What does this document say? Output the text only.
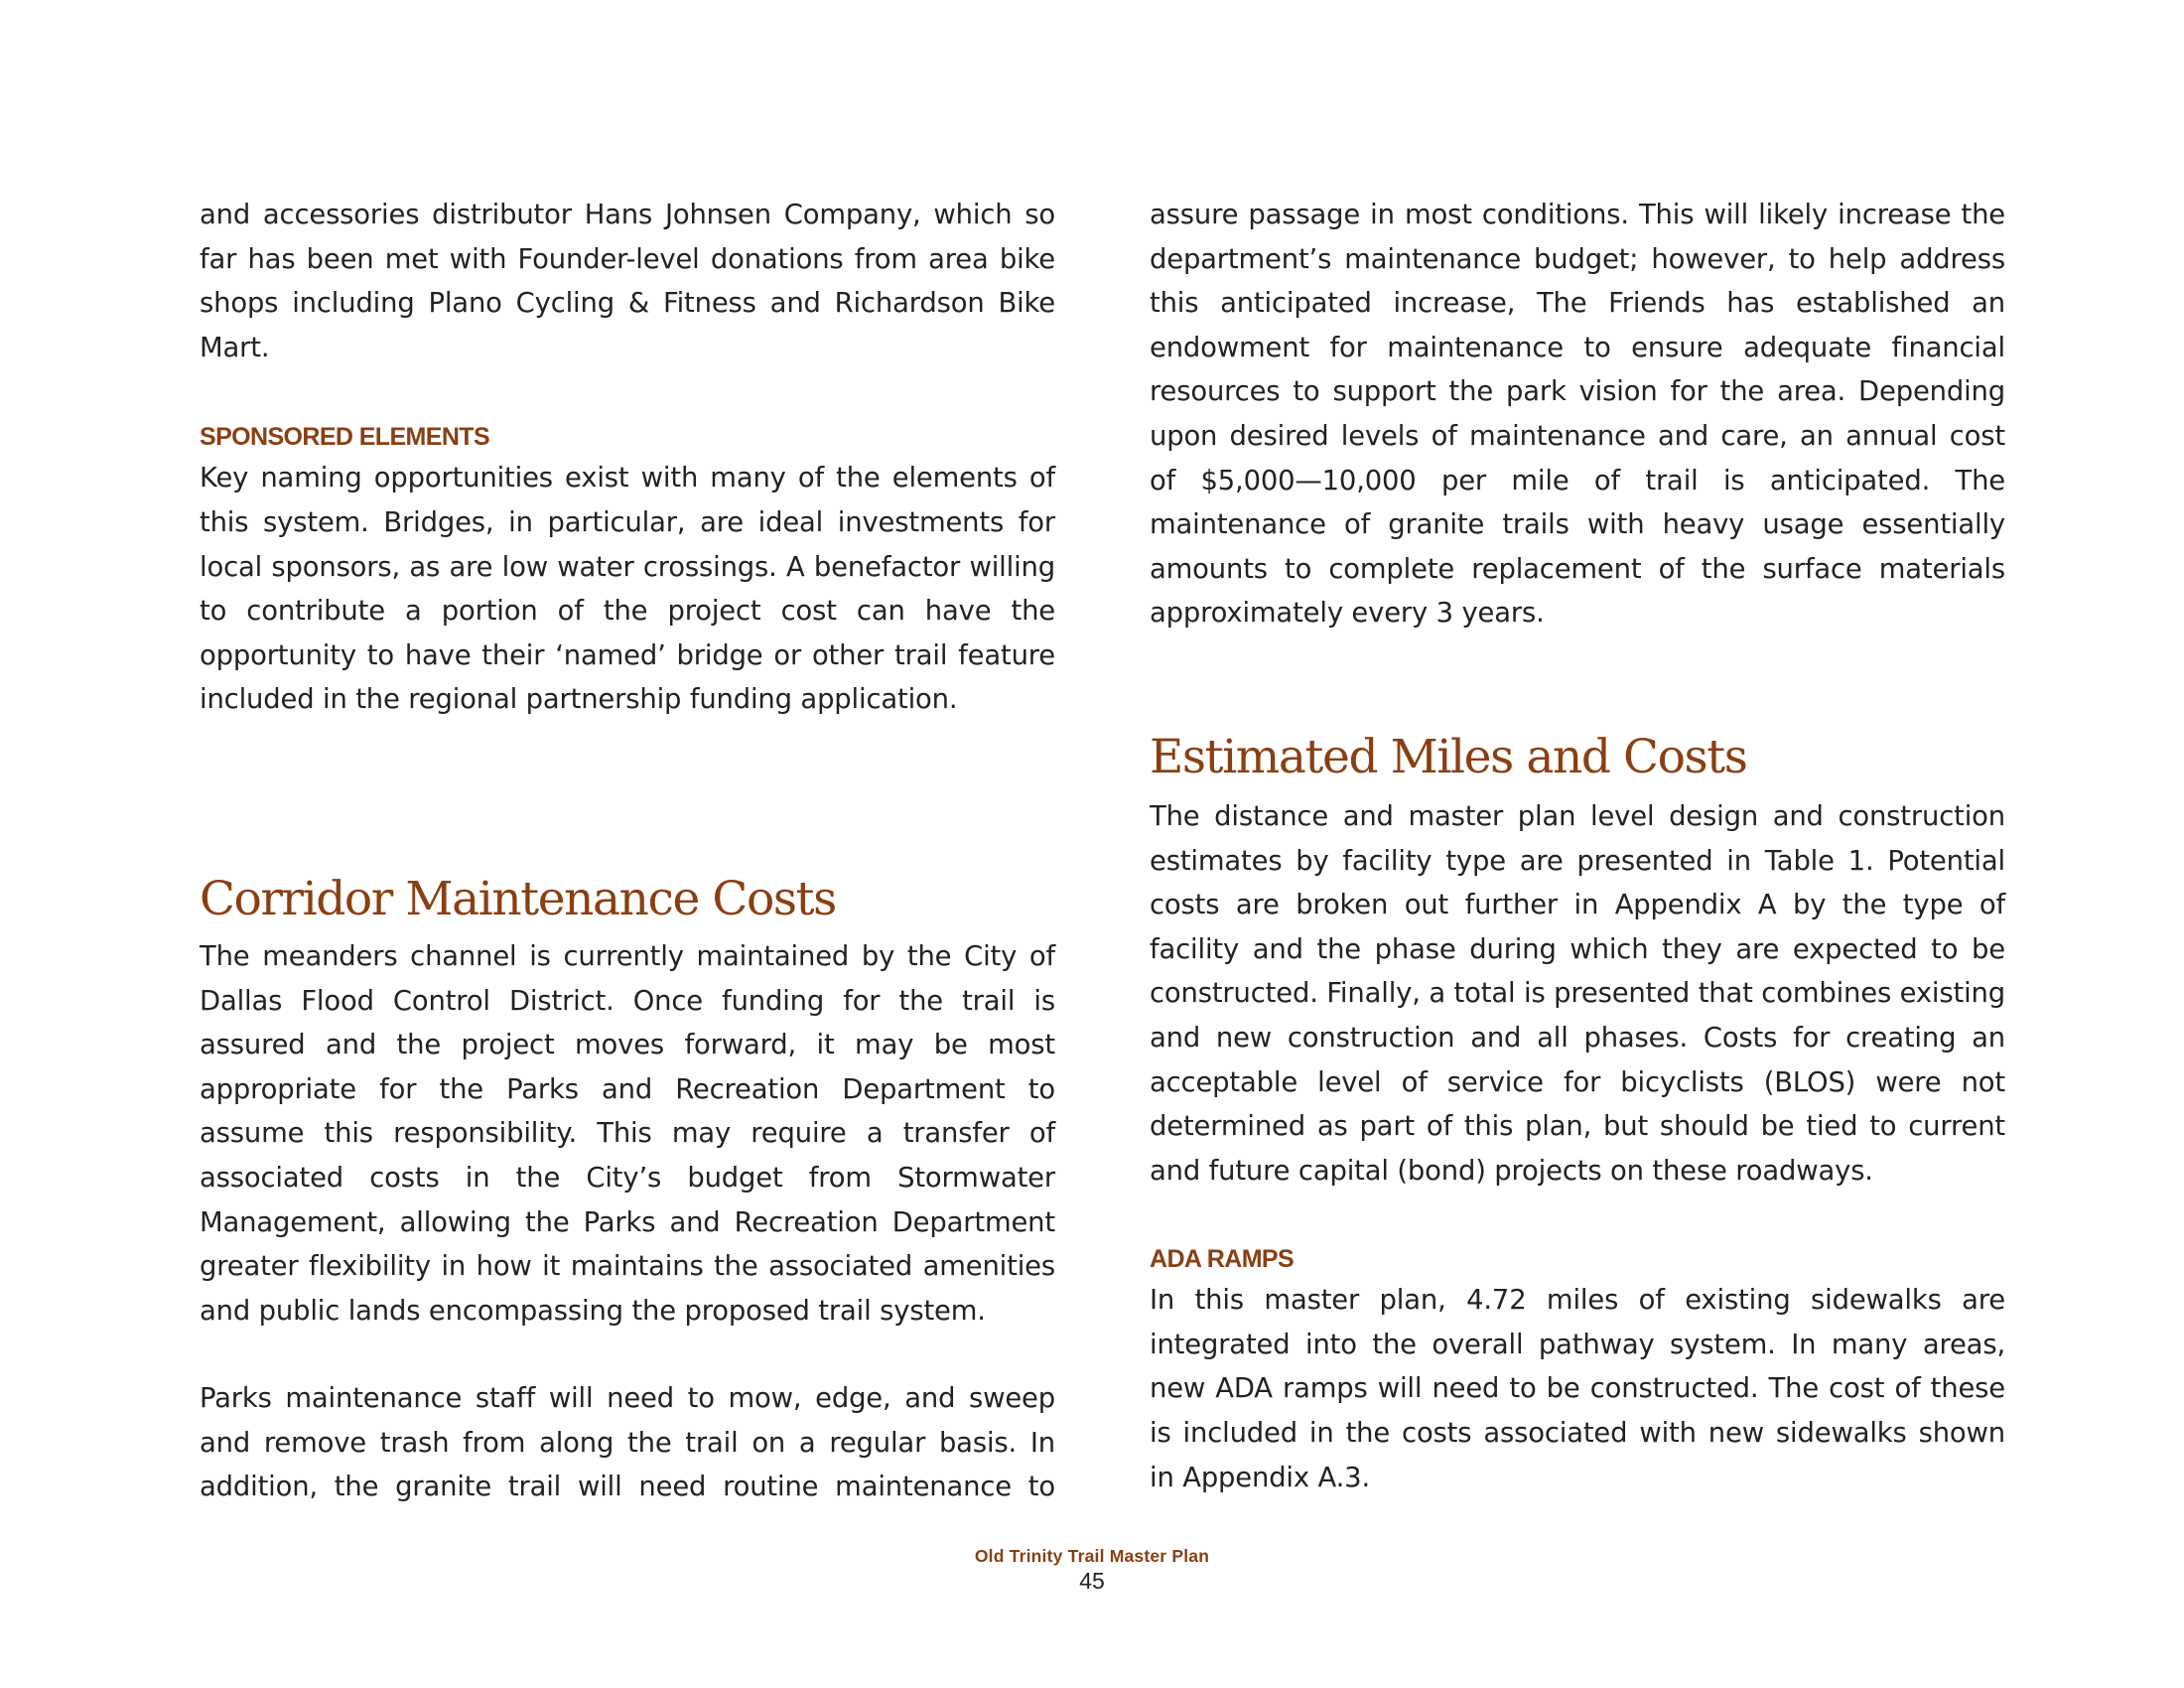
and accessories distributor Hans Johnsen Company, which so far has been met with Founder-level donations from area bike shops including Plano Cycling & Fitness and Richardson Bike Mart.

SPONSORED ELEMENTS

Key naming opportunities exist with many of the elements of this system. Bridges, in particular, are ideal investments for local sponsors, as are low water crossings. A benefactor willing to contribute a portion of the project cost can have the opportunity to have their ‘named’ bridge or other trail feature included in the regional partnership funding application.

Corridor Maintenance Costs

The meanders channel is currently maintained by the City of Dallas Flood Control District. Once funding for the trail is assured and the project moves forward, it may be most appropriate for the Parks and Recreation Department to assume this responsibility. This may require a transfer of associated costs in the City’s budget from Stormwater Management, allowing the Parks and Recreation Department greater flexibility in how it maintains the associated amenities and public lands encompassing the proposed trail system.

Parks maintenance staff will need to mow, edge, and sweep and remove trash from along the trail on a regular basis. In addition, the granite trail will need routine maintenance to

assure passage in most conditions. This will likely increase the department’s maintenance budget; however, to help address this anticipated increase, The Friends has established an endowment for maintenance to ensure adequate financial resources to support the park vision for the area. Depending upon desired levels of maintenance and care, an annual cost of $5,000—10,000 per mile of trail is anticipated. The maintenance of granite trails with heavy usage essentially amounts to complete replacement of the surface materials approximately every 3 years.

Estimated Miles and Costs

The distance and master plan level design and construction estimates by facility type are presented in Table 1. Potential costs are broken out further in Appendix A by the type of facility and the phase during which they are expected to be constructed. Finally, a total is presented that combines existing and new construction and all phases. Costs for creating an acceptable level of service for bicyclists (BLOS) were not determined as part of this plan, but should be tied to current and future capital (bond) projects on these roadways.

ADA RAMPS

In this master plan, 4.72 miles of existing sidewalks are integrated into the overall pathway system. In many areas, new ADA ramps will need to be constructed. The cost of these is included in the costs associated with new sidewalks shown in Appendix A.3.

Old Trinity Trail Master Plan
45
